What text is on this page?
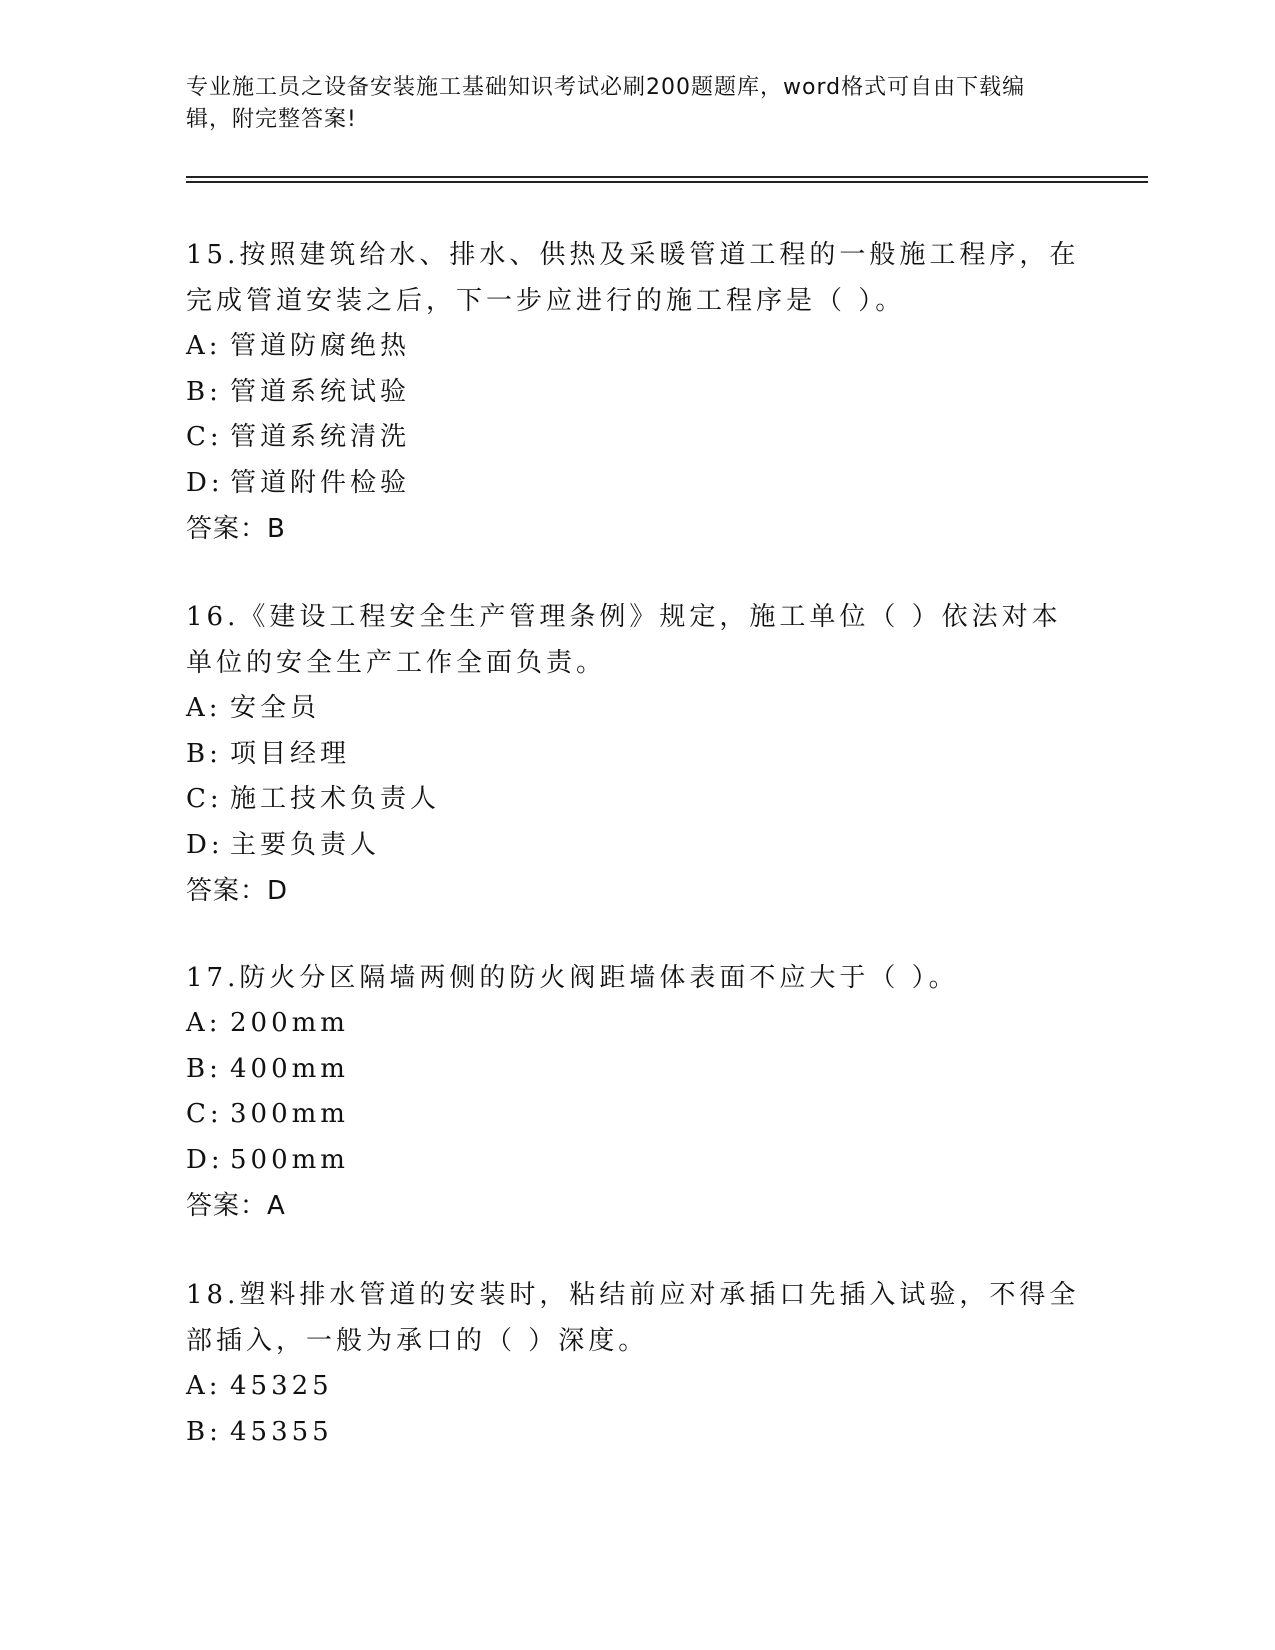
专业施工员之设备安装施工基础知识考试必刷200题题库，word格式可自由下载编辑，附完整答案!
15.按照建筑给水、排水、供热及采暖管道工程的一般施工程序，在完成管道安装之后，下一步应进行的施工程序是（ ）。
A: 管道防腐绝热
B: 管道系统试验
C: 管道系统清洗
D: 管道附件检验
答案：B
16.《建设工程安全生产管理条例》规定，施工单位（ ）依法对本单位的安全生产工作全面负责。
A: 安全员
B: 项目经理
C: 施工技术负责人
D: 主要负责人
答案：D
17.防火分区隔墙两侧的防火阀距墙体表面不应大于（ ）。
A: 200mm
B: 400mm
C: 300mm
D: 500mm
答案：A
18.塑料排水管道的安装时，粘结前应对承插口先插入试验，不得全部插入，一般为承口的（ ）深度。
A: 45325
B: 45355
